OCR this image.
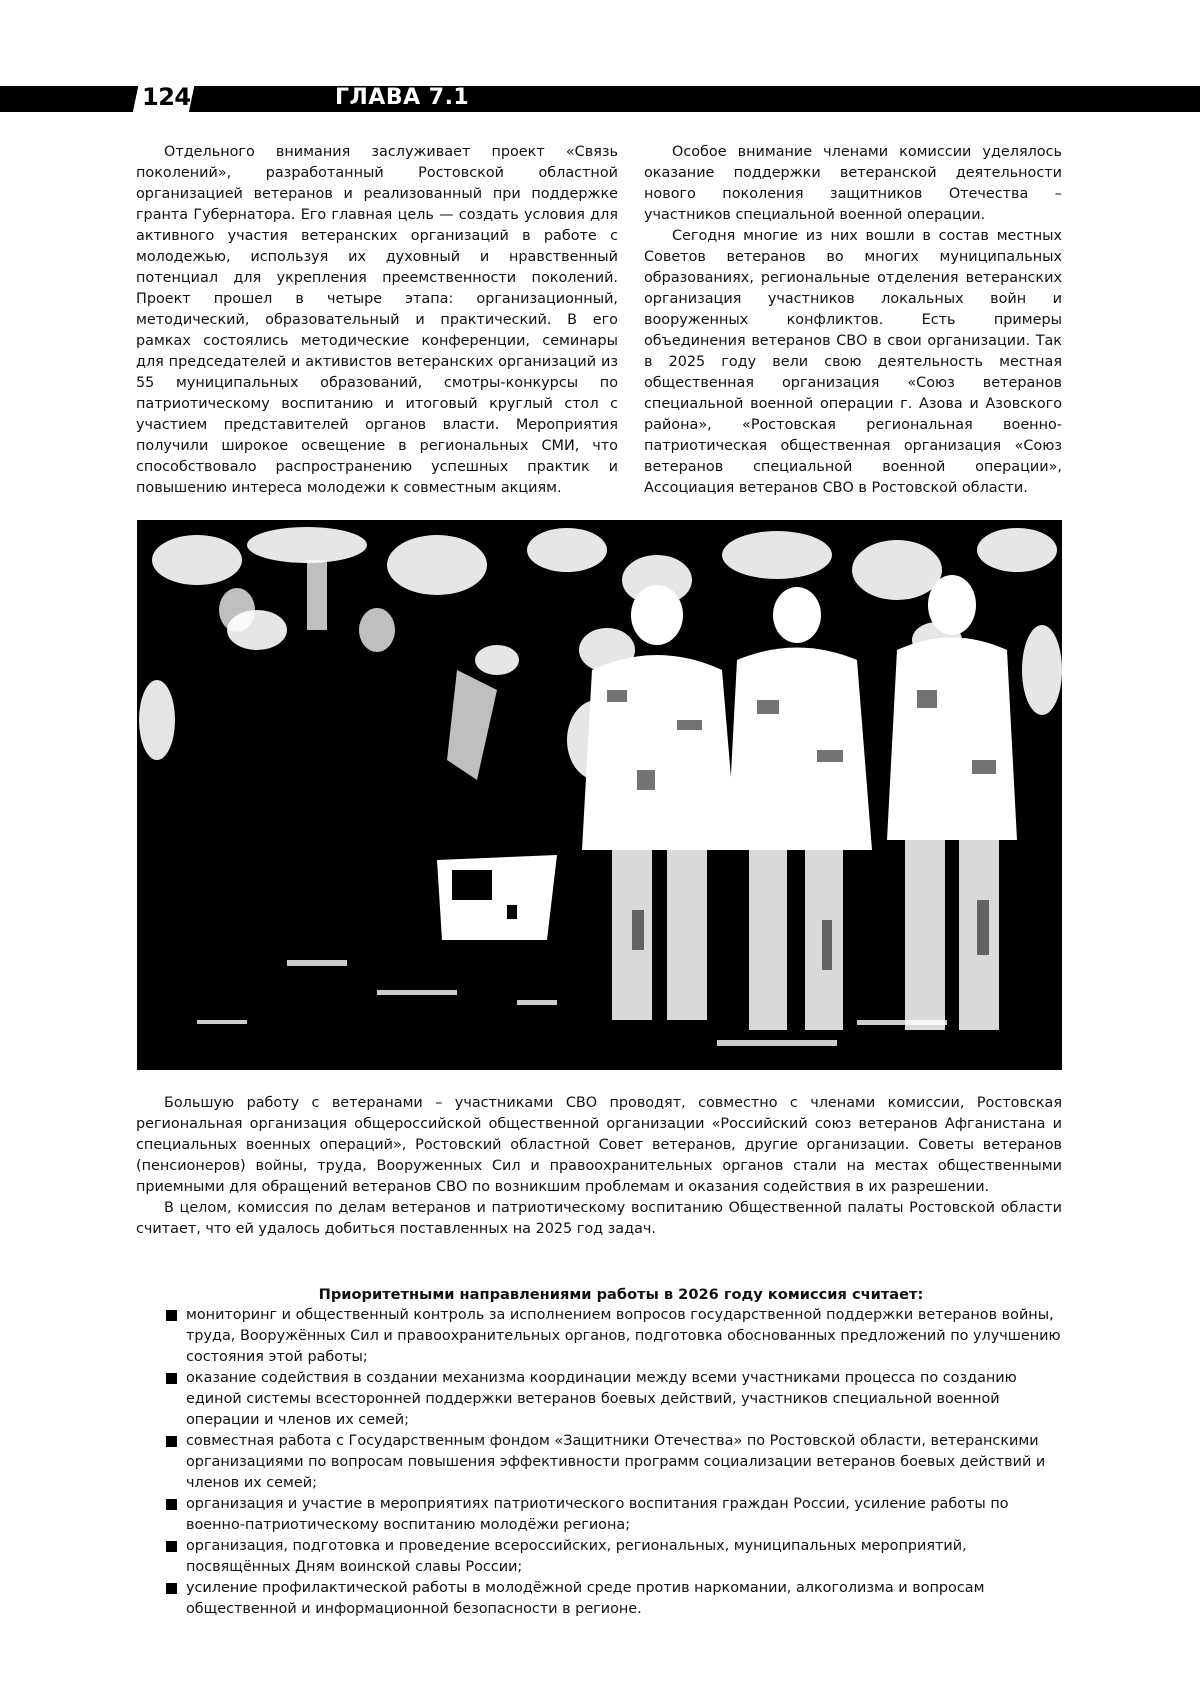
124	ГЛАВА 7.1

Отдельного внимания заслуживает проект «Связь поколений», разработанный Ростовской областной организацией ветеранов и реализованный при поддержке гранта Губернатора. Его главная цель — создать условия для активного участия ветеранских организаций в работе с молодежью, используя их духовный и нравственный потенциал для укрепления преемственности поколений. Проект прошел в четыре этапа: организационный, методический, образовательный и практический. В его рамках состоялись методические конференции, семинары для председателей и активистов ветеранских организаций из 55 муниципальных образований, смотры-конкурсы по патриотическому воспитанию и итоговый круглый стол с участием представителей органов власти. Мероприятия получили широкое освещение в региональных СМИ, что способствовало распространению успешных практик и повышению интереса молодежи к совместным акциям.

Особое внимание членами комиссии уделялось оказание поддержки ветеранской деятельности нового поколения защитников Отечества – участников специальной военной операции.

Сегодня многие из них вошли в состав местных Советов ветеранов во многих муниципальных образованиях, региональные отделения ветеранских организация участников локальных войн и вооруженных конфликтов. Есть примеры объединения ветеранов СВО в свои организации. Так в 2025 году вели свою деятельность местная общественная организация «Союз ветеранов специальной военной операции г. Азова и Азовского района», «Ростовская региональная военно-патриотическая общественная организация «Союз ветеранов специальной военной операции», Ассоциация ветеранов СВО в Ростовской области.

Большую работу с ветеранами – участниками СВО проводят, совместно с членами комиссии, Ростовская региональная организация общероссийской общественной организации «Российский союз ветеранов Афганистана и специальных военных операций», Ростовский областной Совет ветеранов, другие организации. Советы ветеранов (пенсионеров) войны, труда, Вооруженных Сил и правоохранительных органов стали на местах общественными приемными для обращений ветеранов СВО по возникшим проблемам и оказания содействия в их разрешении.

В целом, комиссия по делам ветеранов и патриотическому воспитанию Общественной палаты Ростовской области считает, что ей удалось добиться поставленных на 2025 год задач.

Приоритетными направлениями работы в 2026 году комиссия считает:
мониторинг и общественный контроль за исполнением вопросов государственной поддержки ветеранов войны, труда, Вооружённых Сил и правоохранительных органов, подготовка обоснованных предложений по улучшению состояния этой работы;
оказание содействия в создании механизма координации между всеми участниками процесса по созданию единой системы всесторонней поддержки ветеранов боевых действий, участников специальной военной операции и членов их семей;
совместная работа с Государственным фондом «Защитники Отечества» по Ростовской области, ветеранскими организациями по вопросам повышения эффективности программ социализации ветеранов боевых действий и членов их семей;
организация и участие в мероприятиях патриотического воспитания граждан России, усиление работы по военно-патриотическому воспитанию молодёжи региона;
организация, подготовка и проведение всероссийских, региональных, муниципальных мероприятий, посвящённых Дням воинской славы России;
усиление профилактической работы в молодёжной среде против наркомании, алкоголизма и вопросам общественной и информационной безопасности в регионе.
